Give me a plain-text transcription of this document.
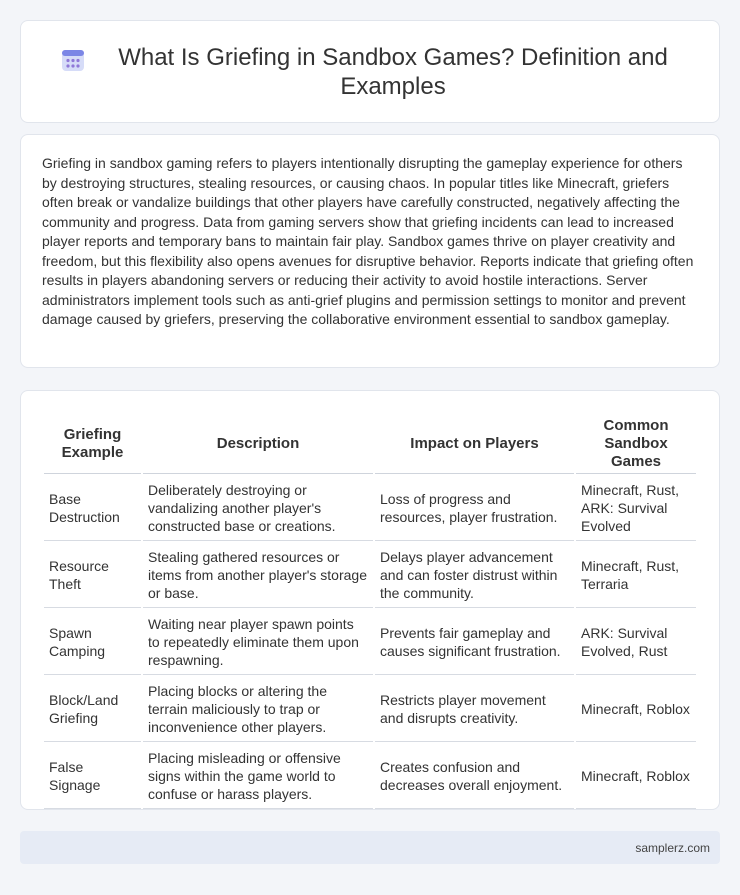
What Is Griefing in Sandbox Games? Definition and Examples

Griefing in sandbox gaming refers to players intentionally disrupting the gameplay experience for others by destroying structures, stealing resources, or causing chaos. In popular titles like Minecraft, griefers often break or vandalize buildings that other players have carefully constructed, negatively affecting the community and progress. Data from gaming servers show that griefing incidents can lead to increased player reports and temporary bans to maintain fair play. Sandbox games thrive on player creativity and freedom, but this flexibility also opens avenues for disruptive behavior. Reports indicate that griefing often results in players abandoning servers or reducing their activity to avoid hostile interactions. Server administrators implement tools such as anti-grief plugins and permission settings to monitor and prevent damage caused by griefers, preserving the collaborative environment essential to sandbox gameplay.

Griefing Example	Description	Impact on Players	Common Sandbox Games
Base Destruction	Deliberately destroying or vandalizing another player's constructed base or creations.	Loss of progress and resources, player frustration.	Minecraft, Rust, ARK: Survival Evolved
Resource Theft	Stealing gathered resources or items from another player's storage or base.	Delays player advancement and can foster distrust within the community.	Minecraft, Rust, Terraria
Spawn Camping	Waiting near player spawn points to repeatedly eliminate them upon respawning.	Prevents fair gameplay and causes significant frustration.	ARK: Survival Evolved, Rust
Block/Land Griefing	Placing blocks or altering the terrain maliciously to trap or inconvenience other players.	Restricts player movement and disrupts creativity.	Minecraft, Roblox
False Signage	Placing misleading or offensive signs within the game world to confuse or harass players.	Creates confusion and decreases overall enjoyment.	Minecraft, Roblox
samplerz.com
